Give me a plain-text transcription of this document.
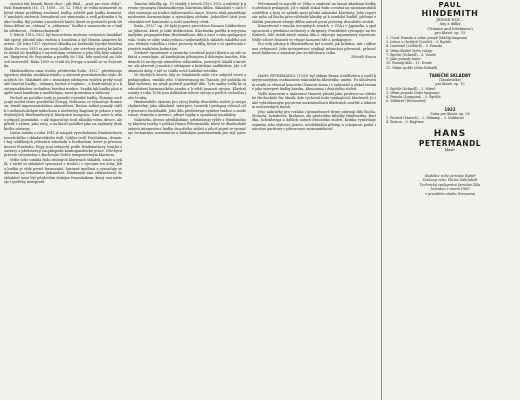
zastává tak básník, který chce – jak říkal – „psát pro svou dobu“. Paul Hindemith (16. 11. 1895 – 28. 12. 1963) se velmi intenzívně zabýval všemi problémy současné hudby, zvláště pak hudby komorní. V mnohých směrech formuloval své stanovisko a vedl polemiku o funkci hudby. Byl jedním z iniciátorů hnutí, které se postavilo proti vžitému dělení na „vážnou“ a „zábavnou“ hudbu a zasazovalo se o hudbu užitkovou, „Gebrauchsmusik“.

V letech 1915–1923 byl koncertním mistrem orchestru frankfurtské opery, působil jako violista a houslista a byl členem Amarova kvarteta. Od roku 1927 vyučoval skladbu na berlínské Vysoké hudební škole. Po roce 1933 se pro svoji hudbu i pro otevřený postoj ke kultuře dostal do konfliktu s nacistickým režimem a jeho díla byla zakázána. Emigroval do Švýcarska a později do USA, kde vyučoval na Yaleově univerzitě. Roku 1953 se vrátil do Evropy a usadil se ve Švýcarsku.

Hindemithova raná tvorba, především Suita „1922“, představuje typickou ukázku neoklasicistního a zároveň provokativního stylu dvacátých let. Skladatel zde s ironickým odstupem využívá prvky soudobé taneční hudby – shimmy, boston a ragtime – a konfrontuje je s kontrapunktickou technikou barokní tradice. Vzniká tak hudba plná napětí mezi banálním a uměleckým, mezi groteskou a vážností.

Pochod na počátku suity je parodií vojenské hudby, Shimmy zachycuje módní tanec poválečné Evropy, Nokturno se vyznačuje tlumenou, téměř impresionistickou atmosférou, Boston nabízí pomalý valčík s melancholickým nádechem a závěrečný Ragtime je jednou z nejodvážnějších Hindemithových klavírních kompozic. Sám autor k němu připojil poznámku, v níž doporučuje hrát skladbu velmi divoce, ale přísně v rytmu, jako stroj, a na klavír pohlížet jako na zajímavý druh bicího nástroje.

Ludus tonalis z roku 1942 je naopak vyvrcholením Hindemithova teoretického i skladatelského úsilí. Cyklus tvoří Praeludium, dvanáct fug oddělených jedenácti interludii a Postludium, které je přesnou inverzí Praeludia. Fugy jsou seřazeny podle Hindemithovy tonální soustavy a představují encyklopedii kontrapunktické práce. Dílo bývá právem srovnáváno s Bachovým Dobře temperovaným klavírem.

Vedle toho vznikla řada drobných klavírních skladeb, sonát a cyklů, v nichž se skladatel vyrovnává s tradicí i s výzvami své doby. Jeho hudba je vždy pevně formovaná, lineárně myšlená a vyznačuje se důrazem na řemeslnou dokonalost. Hindemith sám zdůrazňoval, že skladatel musí být především dobrým řemeslníkem, který zná nástroje i potřeby interpretů.

Taneční skladby op. 19 vznikly v letech 1920–1922 a náležejí k prvním výrazným Hindemithovým klavírním dílům. Skladatel v nich volně navazuje na tradici stylizovaného tance, kterou však proměňuje moderním harmonickým a rytmickým cítěním. Jednotlivé části jsou charakterově kontrastní a tvoří uzavřený celek.

Suita „1922“ op. 26 byla poprvé provedena Emmou Lübbeckeovou-Jobovou, které je také dedikována. Klavíristka patřila k nejvýznamnějším propagátorkám Hindemithova díla a úzce s ním spolupracovala. Suita se záhy stala jednou z nejhranějších skladeb mladého autora, třebaže vzbudila i četné protesty kritiky, která v ní spatřovala výsměch tradičním hodnotám.

Zvukově vynalézavé a rytmicky vzrušené pojetí klavíru se zde setkává s ironickým, až karikujícím přístupem k dobovým tancům. Hindemith tu zachycuje atmosféru velkoměsta, jazzových lokálů a kaváren, ale zároveň ji nazírá s odstupem a kritickým nadhledem. Jde o dokument doby, v níž se rodila nová hudební estetika.

Ve třicátých letech, kdy se Hindemith stále více zabýval teorií a pedagogikou, vznikla jeho Unterweisung im Tonsatz, jež položila základ systému, na němž postavil pozdější díla. Tyto snahy vedly ke zjednodušení harmonického jazyka a k větší jasnosti výrazu. Klavírní sonáty z roku 1936 jsou dokladem tohoto vývoje a patří k vrcholům jeho tvorby.

Hindemithův význam pro vývoj hudby dvacátého století je nezpochybnitelný. Jako skladatel, interpret, teoretik i pedagog ovlivnil celé generace hudebníků. Jeho dílo představuje syntézu tradice a modernosti, řemesla a invence, přísné logiky a spontánní muzikality.

Nahrávka, kterou předkládáme, představuje výběr z Hindemithovy klavírní tvorby v podání Hanse Petermandla, který se dlouhodobě zabývá interpretací hudby dvacátého století a jehož pojetí se vyznačuje technickou suverenitou a hlubokým porozuměním pro styl autora.

Petermandl se narodil ve Vídni a studoval na tamní Akademii hudby u předních pedagogů. Již v mládí získal řadu ocenění na mezinárodních soutěžích a brzy se zařadil mezi přední rakouské klavíristy. Jeho repertoár sahá od Bacha přes vídeňské klasiky až k soudobé hudbě, přičemž zvláštní pozornost věnuje dílům autorů první poloviny dvacátého století.

Koncertoval v mnoha evropských zemích, v USA i v Japonsku a spolupracoval s předními orchestry a dirigenty. Pravidelně vystupuje na festivalech, kde uvádí méně známá díla a objevuje zapomenutý repertoár. Vedle sólové činnosti se věnuje komorní hře a pedagogice.

Pro svůj přístup k Hindemithovi byl oceněn jak kritikou, tak i odbornou veřejností. Jeho interpretace vynikají rytmickou přesností, průzračností fakturou a smyslem pro architekturu celku.

Zdeněk Nouza

HANS PETERMANDL (1933) byl žákem Bruna Seidlhofera a patří k nejvýraznějším osobnostem rakouského klavírního umění. Po absolvování studií se věnoval koncertní činnosti doma i v zahraničí a získal renomé jako interpret hudby baroka, klasicismu i dvacátého století.

Vedle koncertní a nahrávací činnosti působí jako profesor na vídeňské Hochschule für Musik, kde vychoval řadu vynikajících klavíristů. Je také vyhledávaným porotcem mezinárodních klavírních soutěží a lektorem mistrovských kurzů.

Jeho nahrávky pro rozhlas i gramofonové firmy zahrnují díla Bacha, Mozarta, Schuberta, Brahmse, ale především skladby Hindemitha, Bartóka, Schönberga a dalších autorů dvacátého století. Kritika vyzdvihuje zejména jeho stylovou jistotu, intelektuální přístup a schopnost podat i náročné partitury s přirozenou srozumitelností.

PAUL
HINDEMITH
JEDINÉ NOC...
Sny a dálky
(Träume und Erlebnisse)
pro klavír, op. 15
1. Úvod. Pomalu a velmi jemně (Mäßig langsam)
2. Lehce a chvějivě (Leicht) – 3. Rychle
4. Lineárně (Lieblich) – 5. Pomalu
6. Velmi klidně (Sehr ruhig)
7. Rychle (Schnell) – 8. Vesele
9. Jako pomalý tanec
10. Pomalý klid – 11. Drsně
12. Velmi rychle (Sehr lebhaft)
TANEČNÍ SKLADBY
(Tanzstücke)
pro klavír, op. 19
1. Rychle (Schnell) – 2. Mírně
3. Velmi pomalu (Sehr langsam)
4. Pomalu (Langsam) – 5. Rychle
6. Střídavě (Wechselnd)
1922
Suita pro klavír, op. 26
1. Pochod (Marsch) – 2. Shimmy – 3. Nokturno
4. Boston – 5. Ragtime
HANS
PETERMANDL
klavír
Hudební režie Jaroslav Rybář
Zvukový režie Václav Zahradník
Technická spolupráce Jaroslav Zíka
Nahráno v únoru 1985
v pražském studiu Domovina
